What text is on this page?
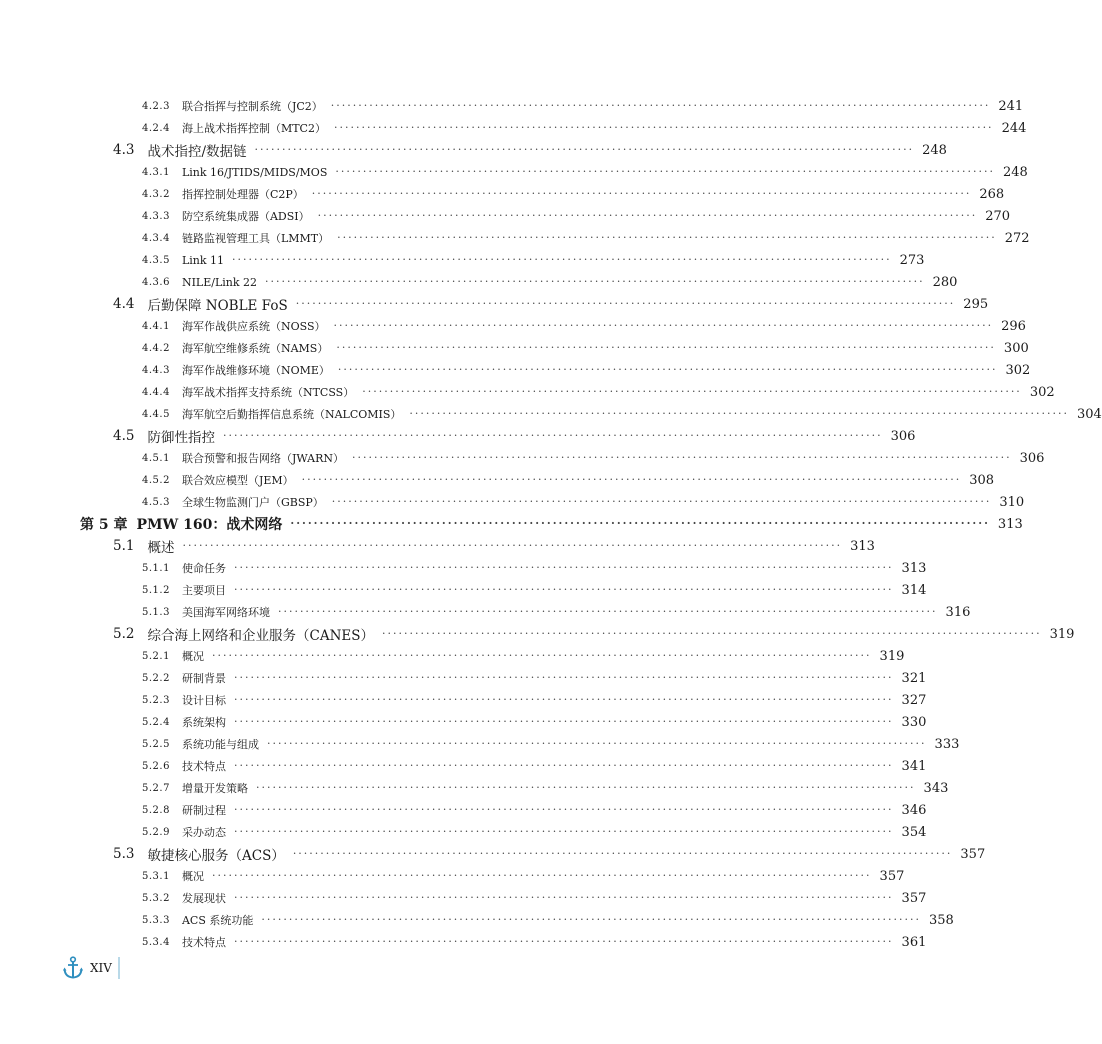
4.2.3 联合指挥与控制系统（JC2） ························································································································ 241
4.2.4 海上战术指挥控制（MTC2） ························································································································ 244
4.3 战术指控/数据链 ························································································································ 248
4.3.1 Link 16/JTIDS/MIDS/MOS ························································································································ 248
4.3.2 指挥控制处理器（C2P） ························································································································ 268
4.3.3 防空系统集成器（ADSI） ························································································································ 270
4.3.4 链路监视管理工具（LMMT） ························································································································ 272
4.3.5 Link 11 ························································································································ 273
4.3.6 NILE/Link 22 ························································································································ 280
4.4 后勤保障 NOBLE FoS ························································································································ 295
4.4.1 海军作战供应系统（NOSS） ························································································································ 296
4.4.2 海军航空维修系统（NAMS） ························································································································ 300
4.4.3 海军作战维修环境（NOME） ························································································································ 302
4.4.4 海军战术指挥支持系统（NTCSS） ························································································································ 302
4.4.5 海军航空后勤指挥信息系统（NALCOMIS） ························································································································ 304
4.5 防御性指控 ························································································································ 306
4.5.1 联合预警和报告网络（JWARN） ························································································································ 306
4.5.2 联合效应模型（JEM） ························································································································ 308
4.5.3 全球生物监测门户（GBSP） ························································································································ 310
第 5 章 PMW 160：战术网络 ························································································································ 313
5.1 概述 ························································································································ 313
5.1.1 使命任务 ························································································································ 313
5.1.2 主要项目 ························································································································ 314
5.1.3 美国海军网络环境 ························································································································ 316
5.2 综合海上网络和企业服务（CANES） ························································································································ 319
5.2.1 概况 ························································································································ 319
5.2.2 研制背景 ························································································································ 321
5.2.3 设计目标 ························································································································ 327
5.2.4 系统架构 ························································································································ 330
5.2.5 系统功能与组成 ························································································································ 333
5.2.6 技术特点 ························································································································ 341
5.2.7 增量开发策略 ························································································································ 343
5.2.8 研制过程 ························································································································ 346
5.2.9 采办动态 ························································································································ 354
5.3 敏捷核心服务（ACS） ························································································································ 357
5.3.1 概况 ························································································································ 357
5.3.2 发展现状 ························································································································ 357
5.3.3 ACS 系统功能 ························································································································ 358
5.3.4 技术特点 ························································································································ 361
XIV
